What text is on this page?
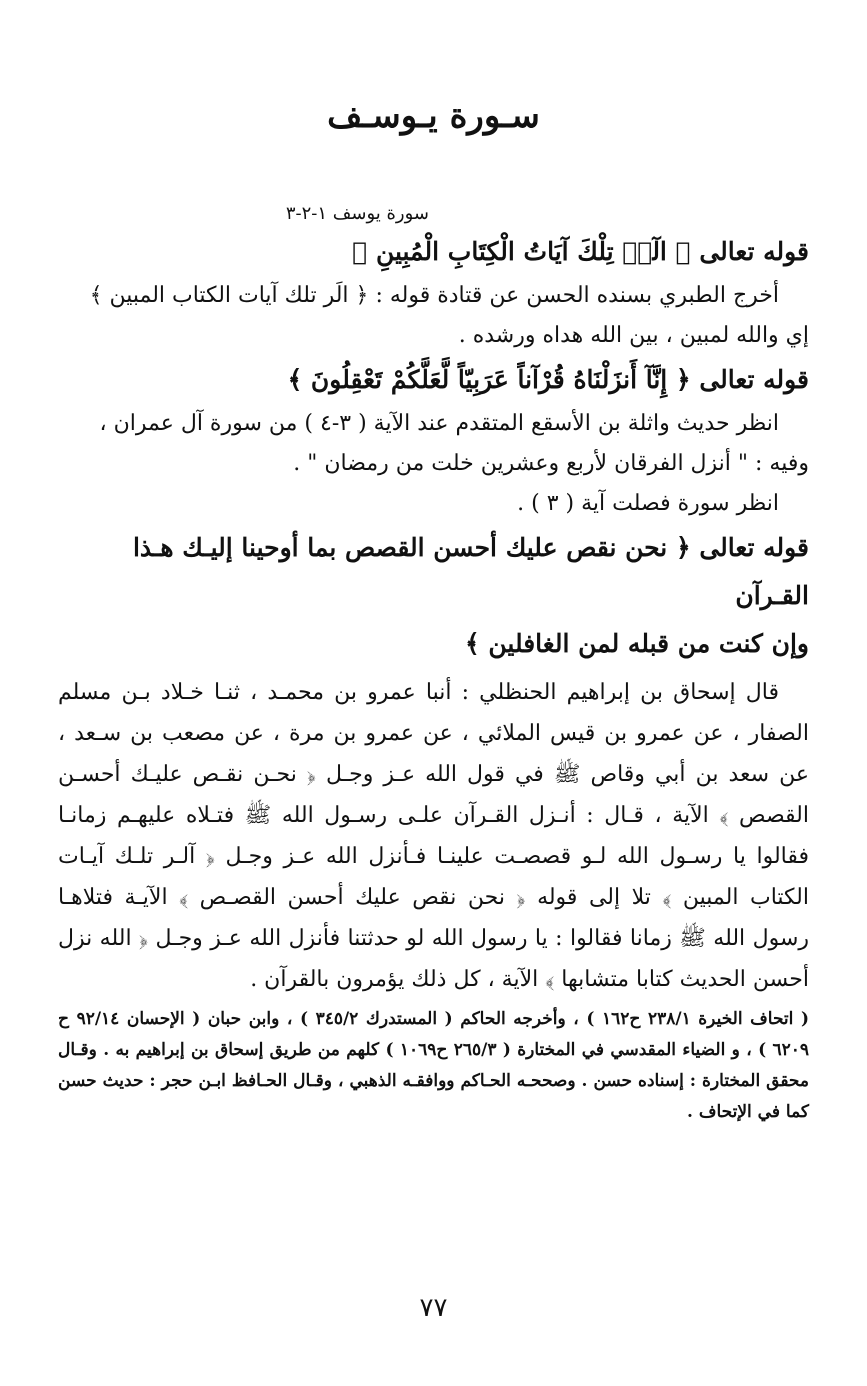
سـورة يـوسـف
سورة يوسف ١-٢-٣
قوله تعالى ﴿ الٓرۚ تِلْكَ آيَاتُ الْكِتَابِ الْمُبِينِ ﴾
أخرج الطبري بسنده الحسن عن قتادة قوله : ﴿ الَر تلك آيات الكتاب المبين ﴾
إي والله لمبين ، بين الله هداه ورشده .
قوله تعالى ﴿ إِنَّآ أَنزَلْنَاهُ قُرْآناً عَرَبِيّاً لَّعَلَّكُمْ تَعْقِلُونَ ﴾
انظر حديث واثلة بن الأسقع المتقدم عند الآية ( ٣-٤ ) من سورة آل عمران ،
وفيه : " أنزل الفرقان لأربع وعشرين خلت من رمضان " .
انظر سورة فصلت آية ( ٣ ) .
قوله تعالى ﴿ نحن نقص عليك أحسن القصص بما أوحينا إليـك هـذا القـرآن
وإن كنت من قبله لمن الغافلين ﴾
قال إسحاق بن إبراهيم الحنظلي : أنبا عمرو بن محمـد ، ثنـا خـلاد بـن مسلم الصفار ، عن عمرو بن قيس الملائي ، عن عمرو بن مرة ، عن مصعب بن سـعد ، عن سعد بن أبي وقاص ﷺ في قول الله عـز وجـل ﴿ نحـن نقـص عليـك أحسـن القصص ﴾ الآية ، قـال : أنـزل القـرآن علـى رسـول الله ﷺ فتـلاه عليهـم زمانـا فقالوا يا رسـول الله لـو قصصـت علينـا فـأنزل الله عـز وجـل ﴿ آلـر تلـك آيـات الكتاب المبين ﴾ تلا إلى قوله ﴿ نحن نقص عليك أحسن القصـص ﴾ الآيـة فتلاهـا رسول الله ﷺ زمانا فقالوا : يا رسول الله لو حدثتنا فأنزل الله عـز وجـل ﴿ الله نزل أحسن الحديث كتابا متشابها ﴾ الآية ، كل ذلك يؤمرون بالقرآن .
( اتحاف الخيرة ٢٣٨/١ ح١٦٢ ) ، وأخرجه الحاكم ( المستدرك ٣٤٥/٢ ) ، وابن حبان ( الإحسان ٩٢/١٤ ح ٦٢٠٩ ) ، و الضياء المقدسي في المختارة ( ٢٦٥/٣ ح١٠٦٩ ) كلهم من طريق إسحاق بن إبراهيم به . وقـال محقق المختارة : إسناده حسن . وصححـه الحـاكم ووافقـه الذهبي ، وقـال الحـافظ ابـن حجر : حديث حسن كما في الإتحاف .
٧٧
